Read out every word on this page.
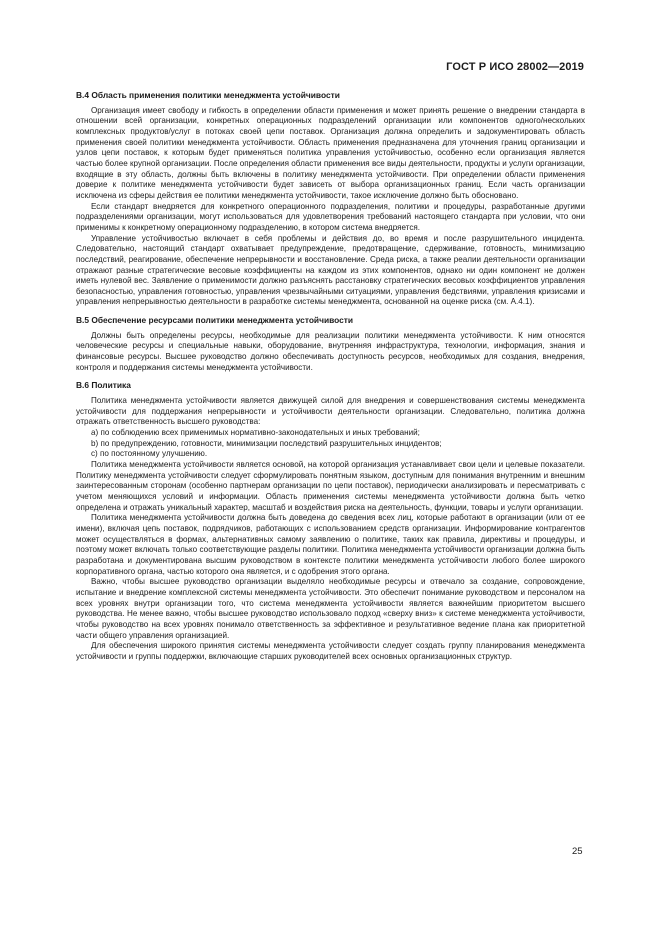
ГОСТ Р ИСО 28002—2019
В.4 Область применения политики менеджмента устойчивости

Организация имеет свободу и гибкость в определении области применения и может принять решение о внедрении стандарта в отношении всей организации, конкретных операционных подразделений организации или компонентов одного/нескольких комплексных продуктов/услуг в потоках своей цепи поставок. Организация должна определить и задокументировать область применения своей политики менеджмента устойчивости. Область применения предназначена для уточнения границ организации и узлов цепи поставок, к которым будет применяться политика управления устойчивостью, особенно если организация является частью более крупной организации. После определения области применения все виды деятельности, продукты и услуги организации, входящие в эту область, должны быть включены в политику менеджмента устойчивости. При определении области применения доверие к политике менеджмента устойчивости будет зависеть от выбора организационных границ. Если часть организации исключена из сферы действия ее политики менеджмента устойчивости, такое исключение должно быть обосновано.

Если стандарт внедряется для конкретного операционного подразделения, политики и процедуры, разработанные другими подразделениями организации, могут использоваться для удовлетворения требований настоящего стандарта при условии, что они применимы к конкретному операционному подразделению, в котором система внедряется.

Управление устойчивостью включает в себя проблемы и действия до, во время и после разрушительного инцидента. Следовательно, настоящий стандарт охватывает предупреждение, предотвращение, сдерживание, готовность, минимизацию последствий, реагирование, обеспечение непрерывности и восстановление. Среда риска, а также реалии деятельности организации отражают разные стратегические весовые коэффициенты на каждом из этих компонентов, однако ни один компонент не должен иметь нулевой вес. Заявление о применимости должно разъяснять расстановку стратегических весовых коэффициентов управления безопасностью, управления готовностью, управления чрезвычайными ситуациями, управления бедствиями, управления кризисами и управления непрерывностью деятельности в разработке системы менеджмента, основанной на оценке риска (см. А.4.1).

В.5 Обеспечение ресурсами политики менеджмента устойчивости

Должны быть определены ресурсы, необходимые для реализации политики менеджмента устойчивости. К ним относятся человеческие ресурсы и специальные навыки, оборудование, внутренняя инфраструктура, технологии, информация, знания и финансовые ресурсы. Высшее руководство должно обеспечивать доступность ресурсов, необходимых для создания, внедрения, контроля и поддержания системы менеджмента устойчивости.

В.6 Политика

Политика менеджмента устойчивости является движущей силой для внедрения и совершенствования системы менеджмента устойчивости для поддержания непрерывности и устойчивости деятельности организации. Следовательно, политика должна отражать ответственность высшего руководства:

a) по соблюдению всех применимых нормативно-законодательных и иных требований;
b) по предупреждению, готовности, минимизации последствий разрушительных инцидентов;
c) по постоянному улучшению.

Политика менеджмента устойчивости является основой, на которой организация устанавливает свои цели и целевые показатели. Политику менеджмента устойчивости следует сформулировать понятным языком, доступным для понимания внутренним и внешним заинтересованным сторонам (особенно партнерам организации по цепи поставок), периодически анализировать и пересматривать с учетом меняющихся условий и информации. Область применения системы менеджмента устойчивости должна быть четко определена и отражать уникальный характер, масштаб и воздействия риска на деятельность, функции, товары и услуги организации.

Политика менеджмента устойчивости должна быть доведена до сведения всех лиц, которые работают в организации (или от ее имени), включая цепь поставок, подрядчиков, работающих с использованием средств организации. Информирование контрагентов может осуществляться в формах, альтернативных самому заявлению о политике, таких как правила, директивы и процедуры, и поэтому может включать только соответствующие разделы политики. Политика менеджмента устойчивости организации должна быть разработана и документирована высшим руководством в контексте политики менеджмента устойчивости любого более широкого корпоративного органа, частью которого она является, и с одобрения этого органа.

Важно, чтобы высшее руководство организации выделяло необходимые ресурсы и отвечало за создание, сопровождение, испытание и внедрение комплексной системы менеджмента устойчивости. Это обеспечит понимание руководством и персоналом на всех уровнях внутри организации того, что система менеджмента устойчивости является важнейшим приоритетом высшего руководства. Не менее важно, чтобы высшее руководство использовало подход «сверху вниз» к системе менеджмента устойчивости, чтобы руководство на всех уровнях понимало ответственность за эффективное и результативное ведение плана как приоритетной части общего управления организацией.

Для обеспечения широкого принятия системы менеджмента устойчивости следует создать группу планирования менеджмента устойчивости и группы поддержки, включающие старших руководителей всех основных организационных структур.

25
